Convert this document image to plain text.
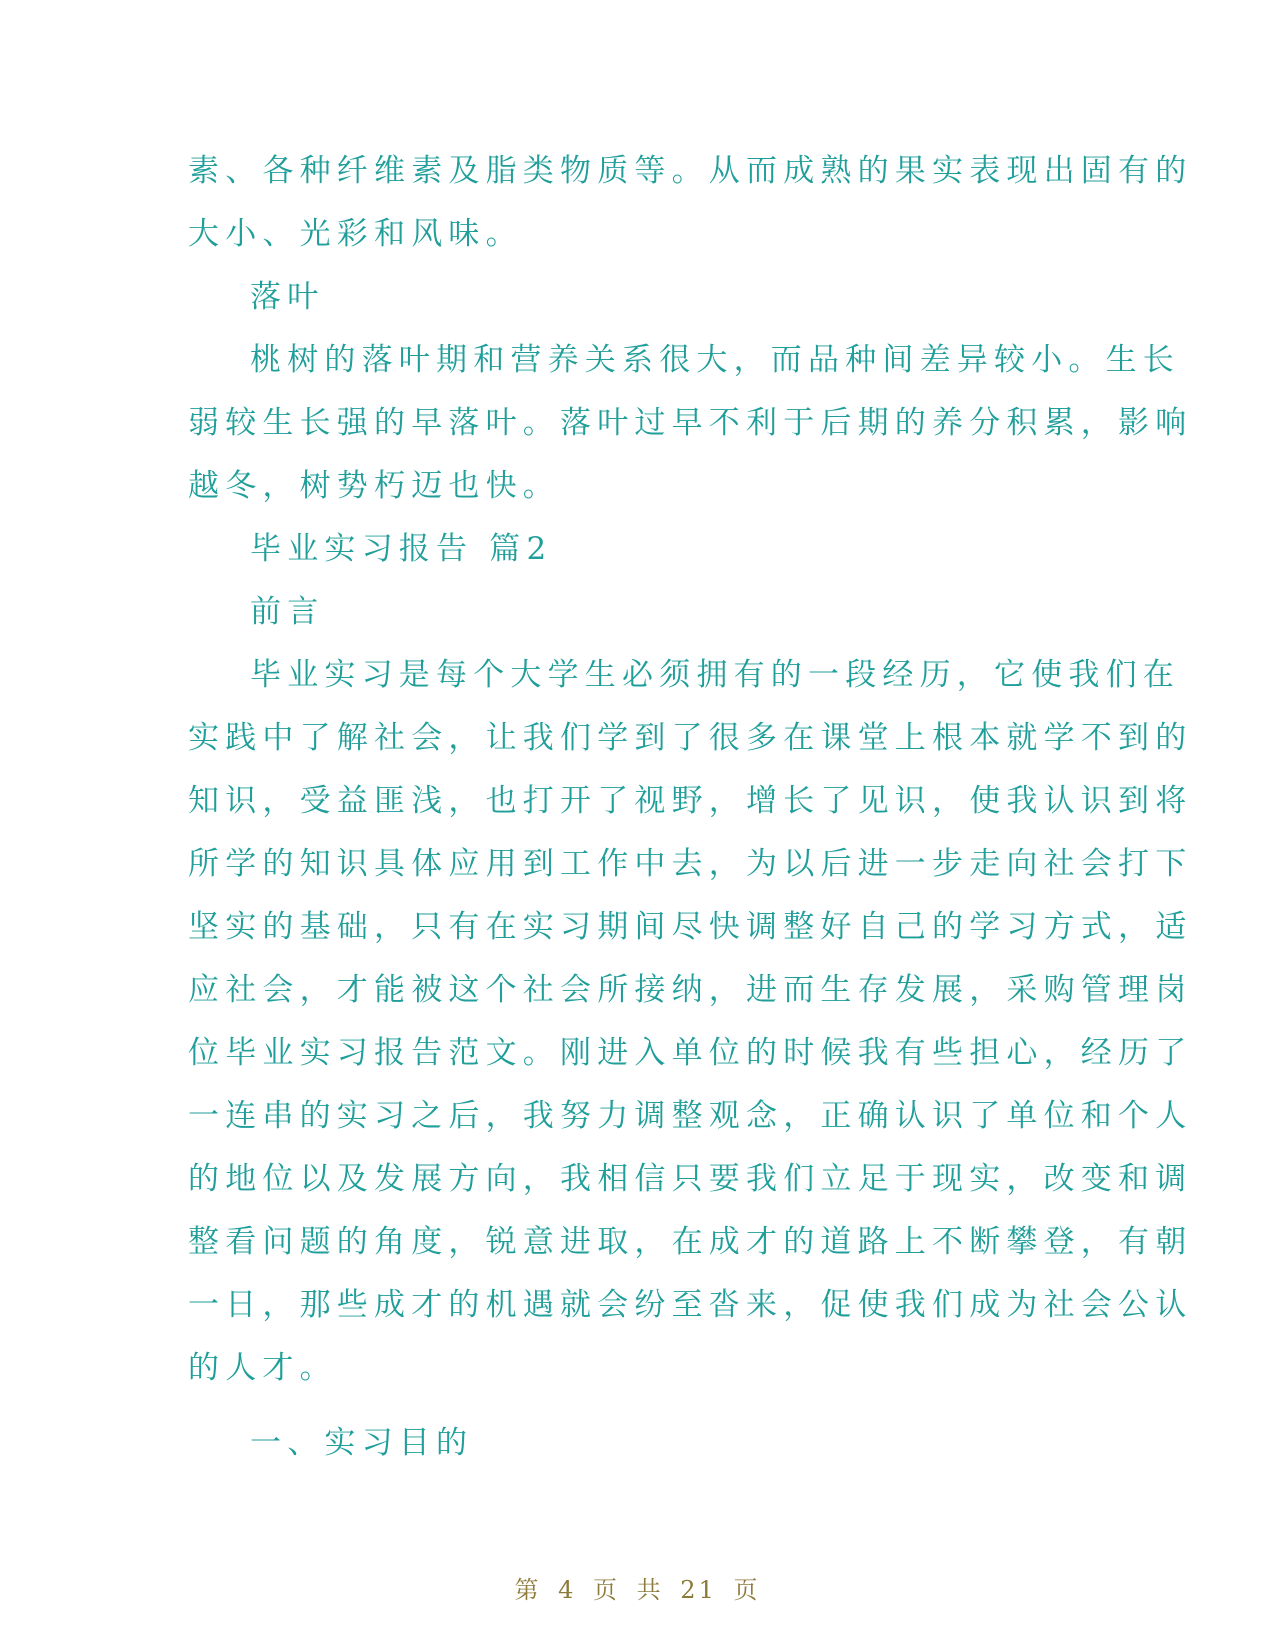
素、各种纤维素及脂类物质等。从而成熟的果实表现出固有的
大小、光彩和风味。
落叶
桃树的落叶期和营养关系很大，而品种间差异较小。生长
弱较生长强的早落叶。落叶过早不利于后期的养分积累，影响
越冬，树势朽迈也快。
毕业实习报告 篇2
前言
毕业实习是每个大学生必须拥有的一段经历，它使我们在
实践中了解社会，让我们学到了很多在课堂上根本就学不到的
知识，受益匪浅，也打开了视野，增长了见识，使我认识到将
所学的知识具体应用到工作中去，为以后进一步走向社会打下
坚实的基础，只有在实习期间尽快调整好自己的学习方式，适
应社会，才能被这个社会所接纳，进而生存发展，采购管理岗
位毕业实习报告范文。刚进入单位的时候我有些担心，经历了
一连串的实习之后，我努力调整观念，正确认识了单位和个人
的地位以及发展方向，我相信只要我们立足于现实，改变和调
整看问题的角度，锐意进取，在成才的道路上不断攀登，有朝
一日，那些成才的机遇就会纷至沓来，促使我们成为社会公认
的人才。
一、实习目的
第 4 页 共 21 页
